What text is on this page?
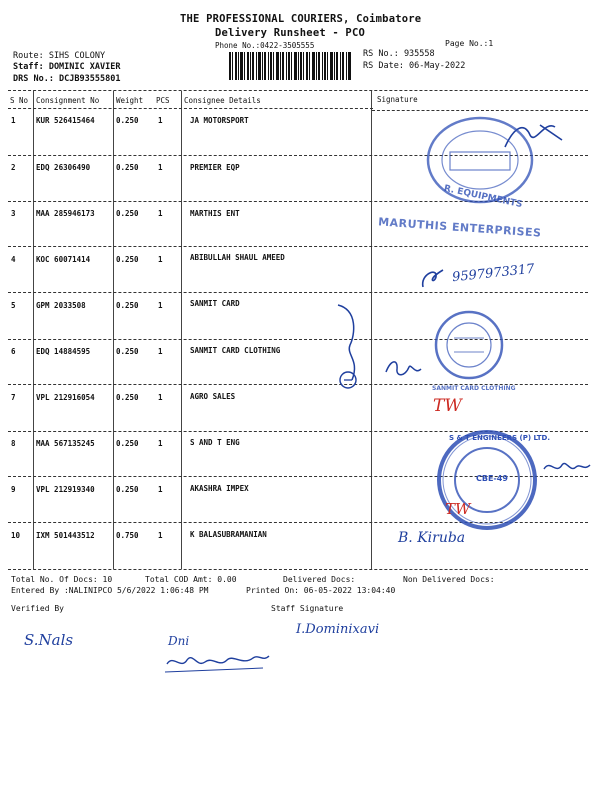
THE PROFESSIONAL COURIERS, Coimbatore
Delivery Runsheet - PCO
Phone No.:0422-3505555	Page No.:1
Route: SIHS COLONY
Staff: DOMINIC XAVIER
DRS No.: DCJB93555801
RS No.: 935558
RS Date: 06-May-2022
S No Consignment No Weight PCS Consignee Details	Signature
1	KUR 526415464	0.250	1	JA MOTORSPORT
2	EDQ 26306490	0.250	1	PREMIER EQP
3	MAA 285946173	0.250	1	MARTHIS ENT
4	KOC 60071414	0.250	1	ABIBULLAH SHAUL AMEED
5	GPM 2033508	0.250	1	SANMIT CARD
6	EDQ 14884595	0.250	1	SANMIT CARD CLOTHING
7	VPL 212916054	0.250	1	AGRO SALES
8	MAA 567135245	0.250	1	S AND T ENG
9	VPL 212919340	0.250	1	AKASHRA IMPEX
10 IXM 501443512	0.750	1	K BALASUBRAMANIAN
R. EQUIPMENTS
MARUTHIS ENTERPRISES
9597973317
SANMIT CARD CLOTHING
TW
S & T ENGINEERS (P) LTD.
CBE-49
TW
B. Kiruba
Total No. Of Docs: 10	Total COD Amt: 0.00	Delivered Docs:	Non Delivered Docs:
Entered By :NALINIPCO 5/6/2022 1:06:48 PM	Printed On: 06-05-2022 13:04:40
Verified By	Staff Signature
S.Nals	Dni
I.Dominixavi
